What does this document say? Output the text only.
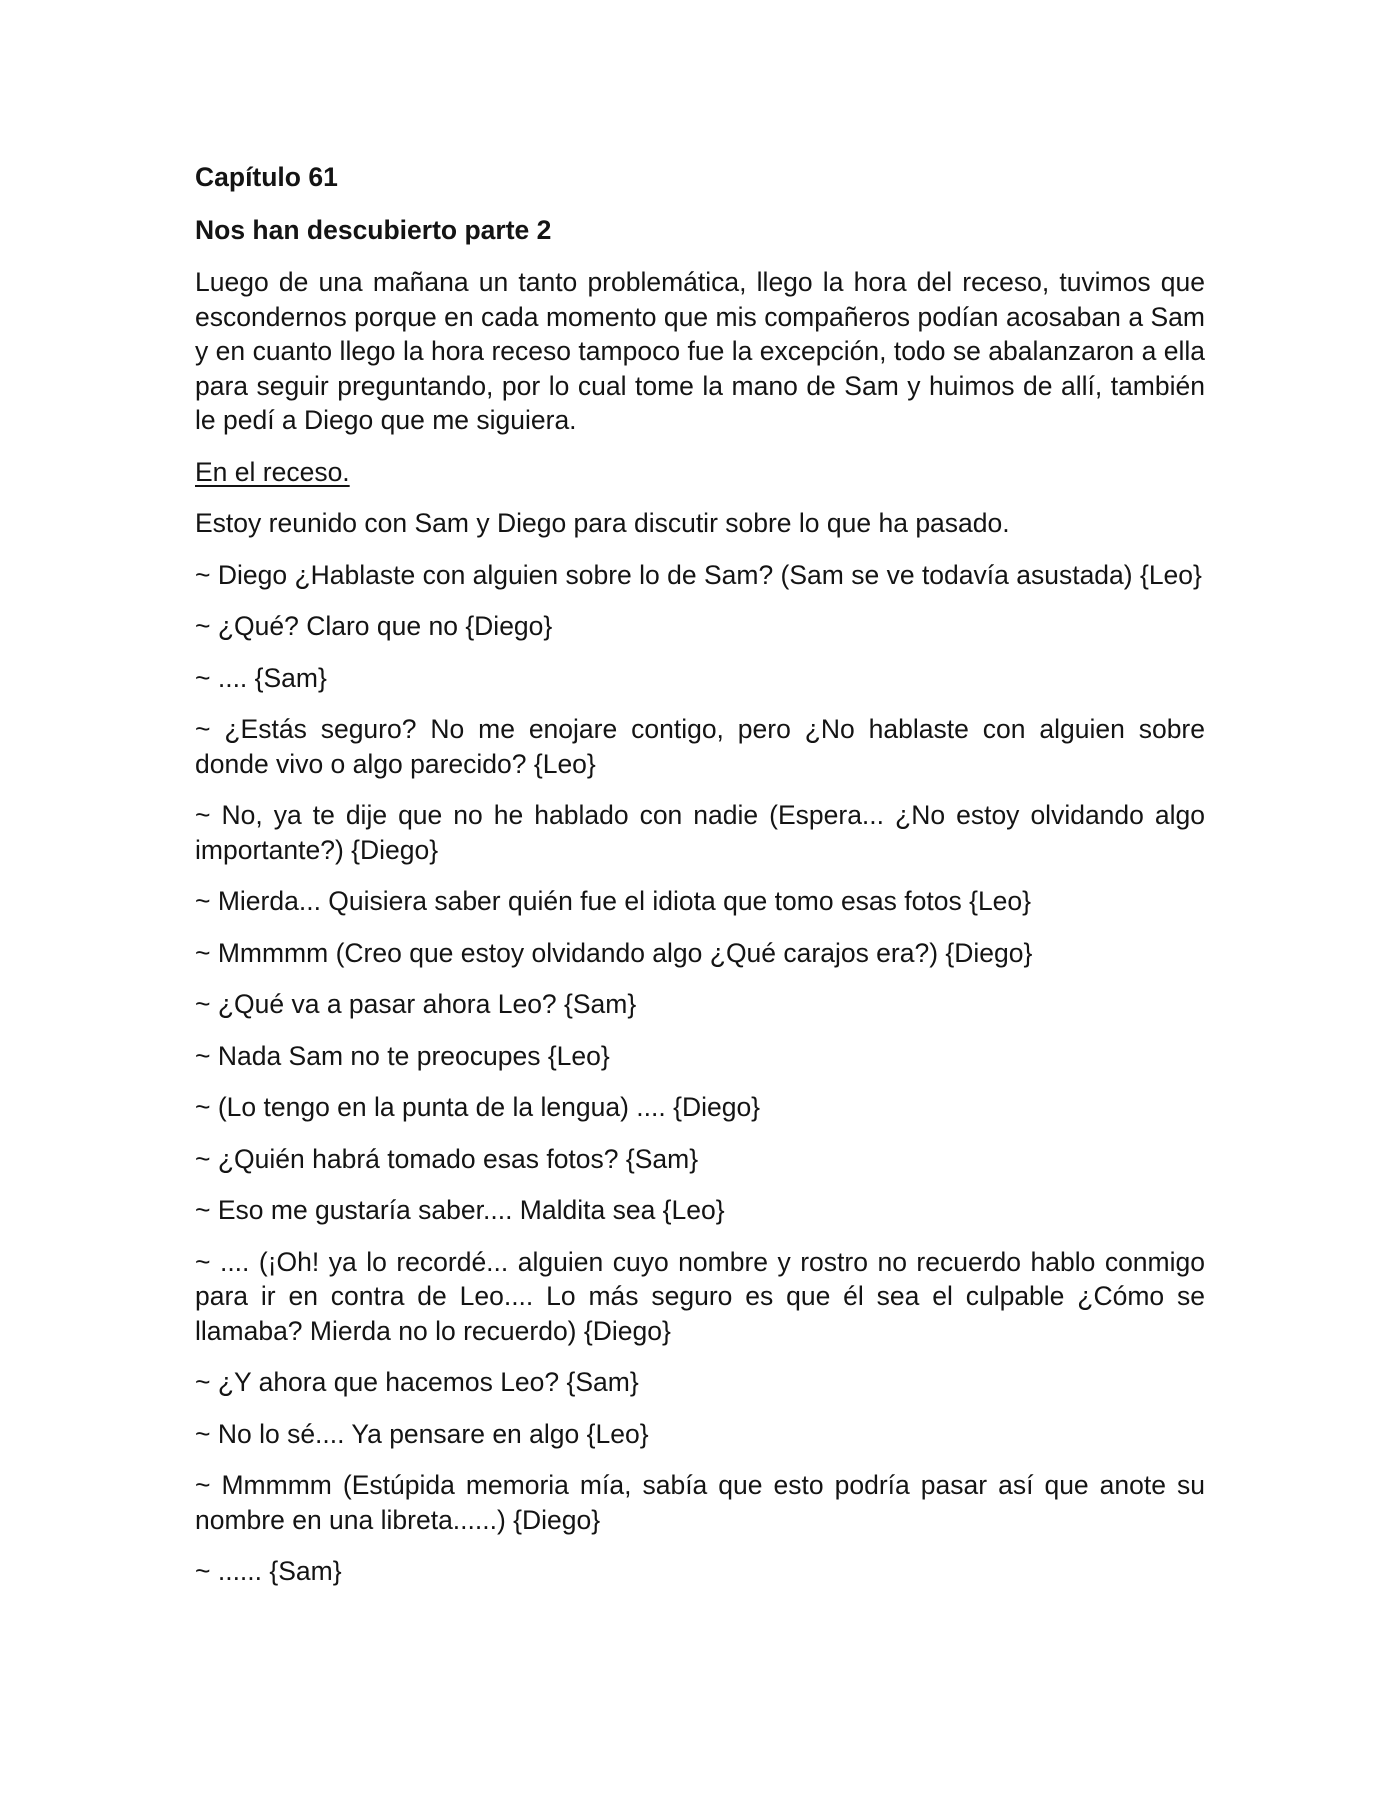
Capítulo 61

Nos han descubierto parte 2

Luego de una mañana un tanto problemática, llego la hora del receso, tuvimos que escondernos porque en cada momento que mis compañeros podían acosaban a Sam y en cuanto llego la hora receso tampoco fue la excepción, todo se abalanzaron a ella para seguir preguntando, por lo cual tome la mano de Sam y huimos de allí, también le pedí a Diego que me siguiera.

En el receso.

Estoy reunido con Sam y Diego para discutir sobre lo que ha pasado.

~ Diego ¿Hablaste con alguien sobre lo de Sam? (Sam se ve todavía asustada) {Leo}

~ ¿Qué? Claro que no {Diego}

~ .... {Sam}

~ ¿Estás seguro? No me enojare contigo, pero ¿No hablaste con alguien sobre donde vivo o algo parecido? {Leo}

~ No, ya te dije que no he hablado con nadie (Espera... ¿No estoy olvidando algo importante?) {Diego}

~ Mierda... Quisiera saber quién fue el idiota que tomo esas fotos {Leo}

~ Mmmmm (Creo que estoy olvidando algo ¿Qué carajos era?) {Diego}

~ ¿Qué va a pasar ahora Leo? {Sam}

~ Nada Sam no te preocupes {Leo}

~ (Lo tengo en la punta de la lengua) .... {Diego}

~ ¿Quién habrá tomado esas fotos? {Sam}

~ Eso me gustaría saber.... Maldita sea {Leo}

~ .... (¡Oh! ya lo recordé... alguien cuyo nombre y rostro no recuerdo hablo conmigo para ir en contra de Leo.... Lo más seguro es que él sea el culpable ¿Cómo se llamaba? Mierda no lo recuerdo) {Diego}

~ ¿Y ahora que hacemos Leo? {Sam}

~ No lo sé.... Ya pensare en algo {Leo}

~ Mmmmm (Estúpida memoria mía, sabía que esto podría pasar así que anote su nombre en una libreta......) {Diego}

~ ...... {Sam}
